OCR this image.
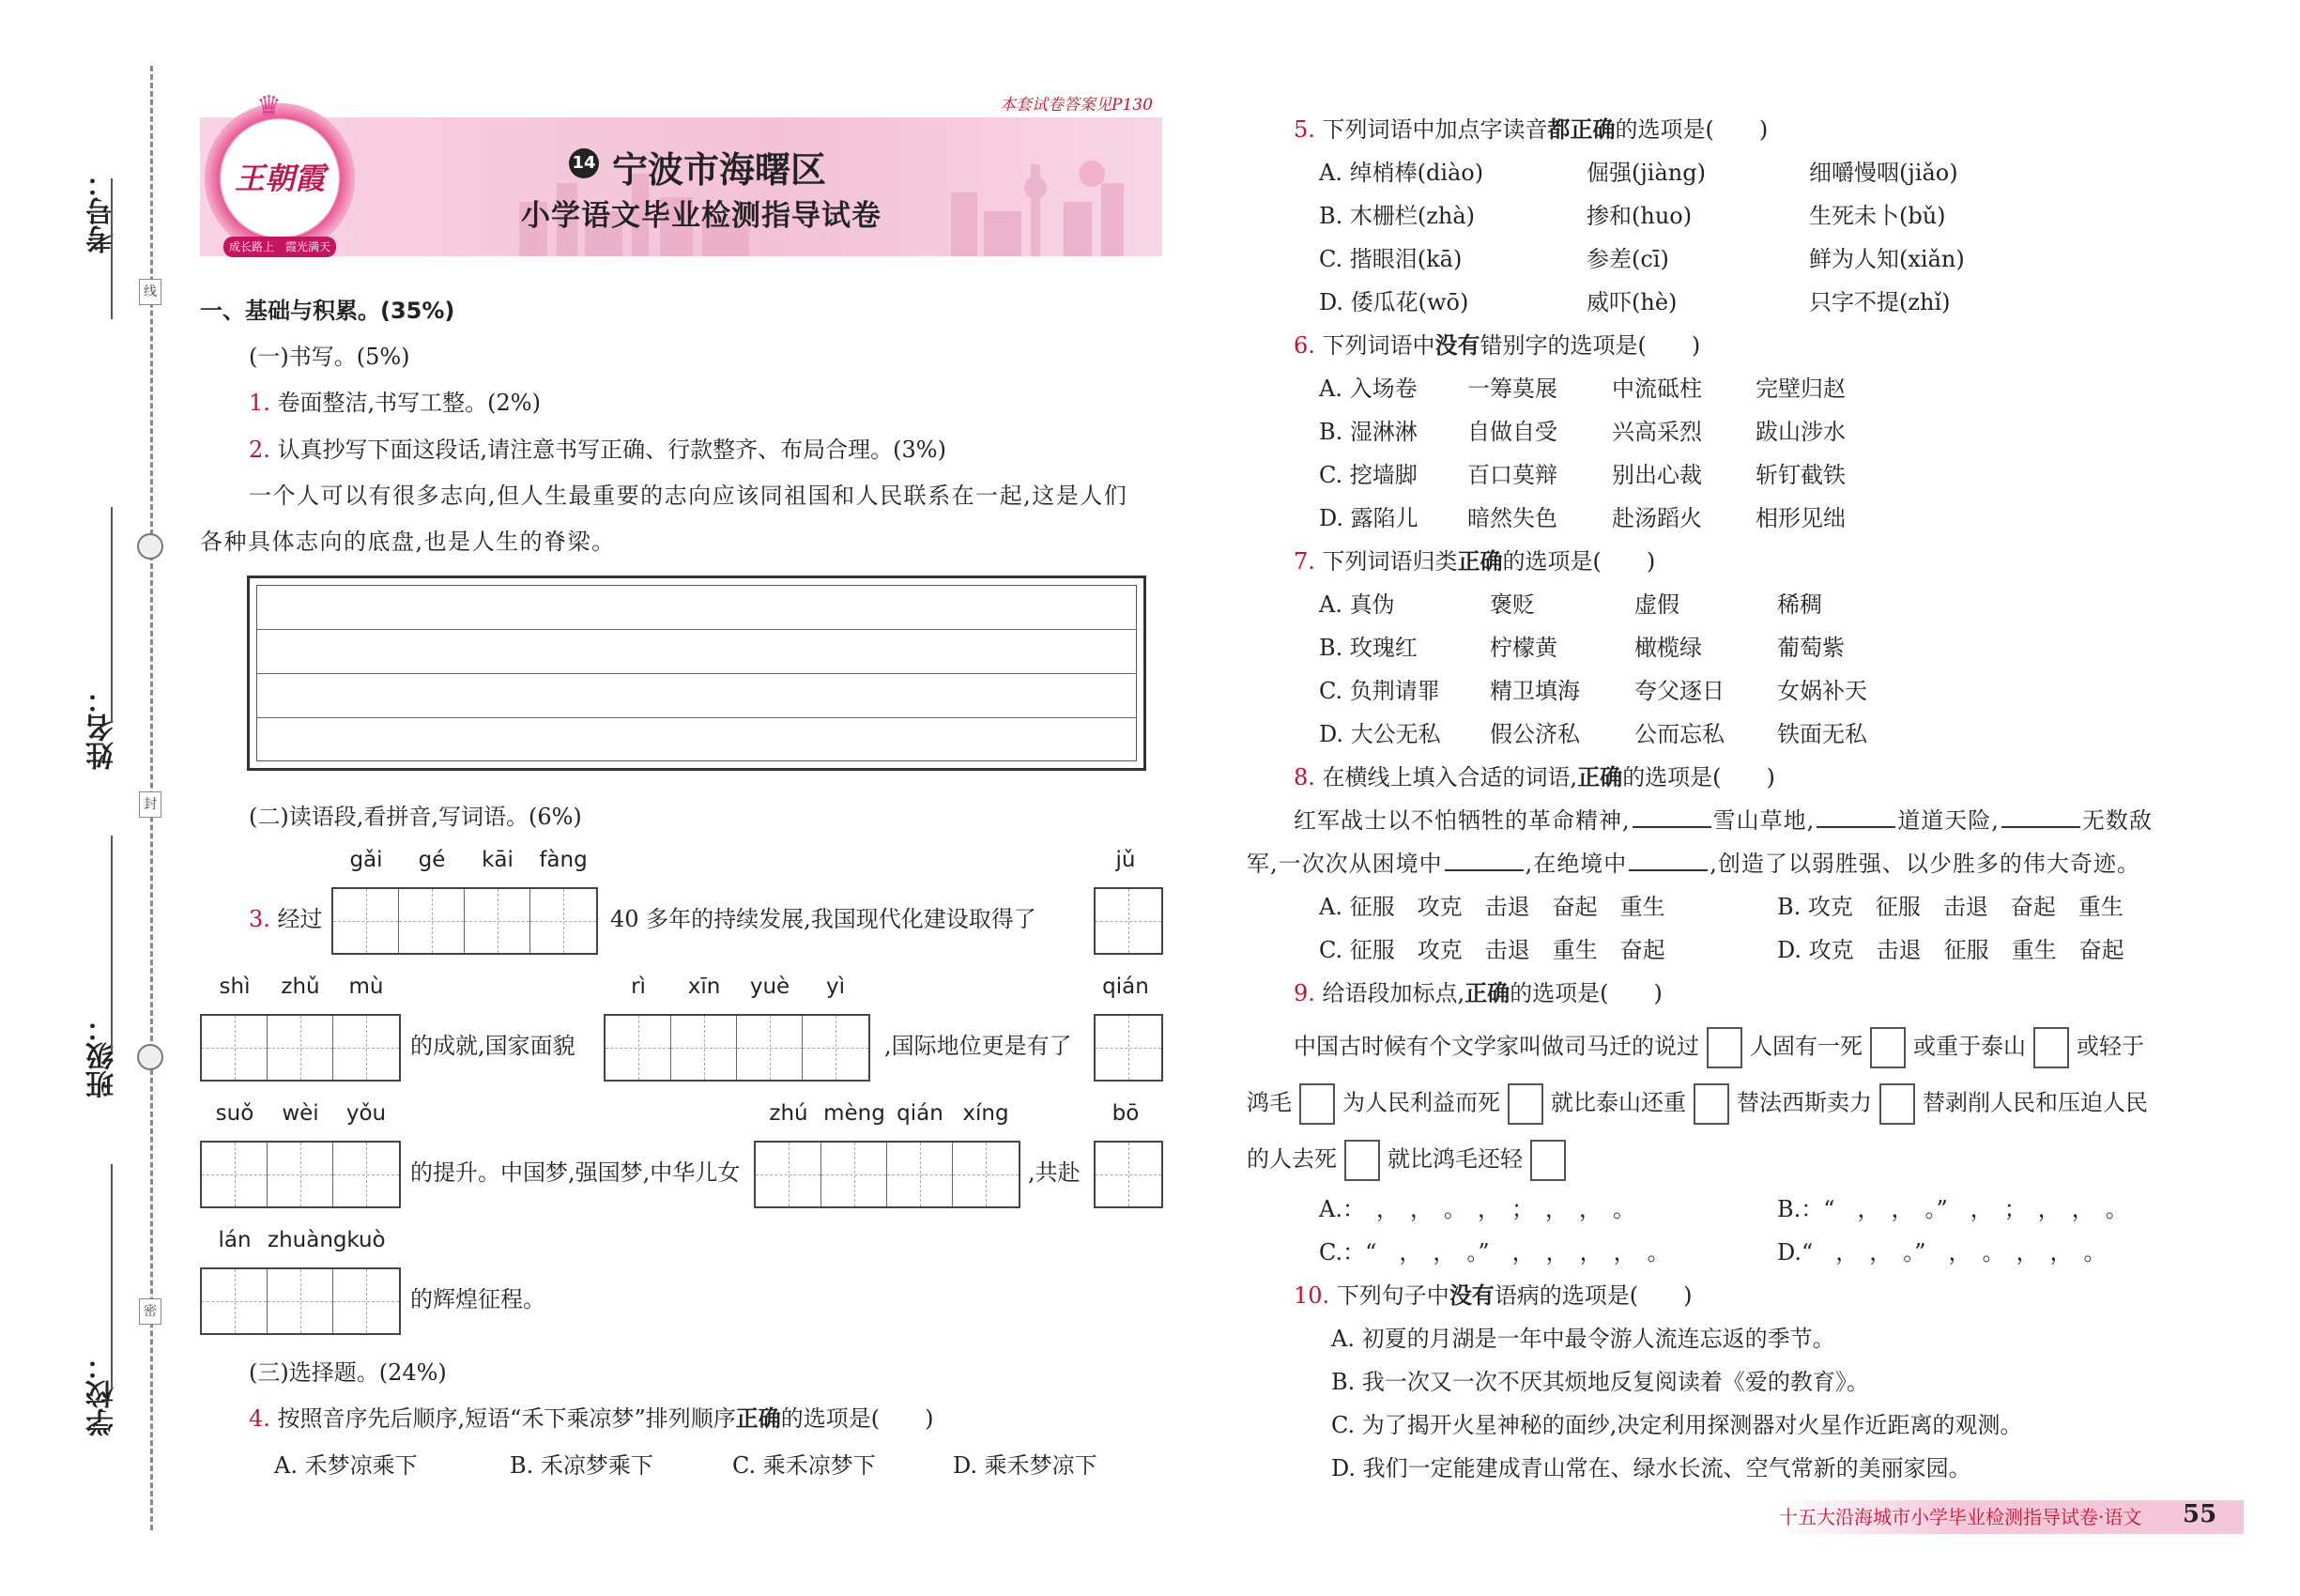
考号：
姓名：
班级：
学校：
线
封
密
本套试卷答案见P130
王朝霞
♛
成长路上　 霞光满天
14 宁波市海曙区
小学语文毕业检测指导试卷
一、基础与积累。(35%)
(一)书写。(5%)
1. 卷面整洁,书写工整。(2%)
2. 认真抄写下面这段话,请注意书写正确、行款整齐、布局合理。(3%)
一个人可以有很多志向,但人生最重要的志向应该同祖国和人民联系在一起,这是人们
各种具体志向的底盘,也是人生的脊梁。
(二)读语段,看拼音,写词语。(6%)
gǎi	gé	kāi	fàng	jǔ
3. 经过	40 多年的持续发展,我国现代化建设取得了
shì	zhǔ	mù
的成就,国家面貌
rì	xīn	yuè	yì
,国际地位更是有了
qián
suǒ	wèi	yǒu
的提升。中国梦,强国梦,中华儿女
zhú mèng qián xíng
,共赴
bō
lán zhuàng kuò
的辉煌征程。
(三)选择题。(24%)
4. 按照音序先后顺序,短语“禾下乘凉梦”排列顺序正确的选项是(　　)
A. 禾梦凉乘下	B. 禾凉梦乘下	C. 乘禾凉梦下	D. 乘禾梦凉下
5. 下列词语中加点字读音都正确的选项是(　　)
A. 绰梢棒(diào)	倔强(jiàng)	细嚼慢咽(jiǎo)
B. 木栅栏(zhà)	掺和(huo)	生死未卜(bǔ)
C. 揩眼泪(kā)	参差(cī)	鲜为人知(xiǎn)
D. 倭瓜花(wō)	威吓(hè)	只字不提(zhǐ)
6. 下列词语中没有错别字的选项是(　　)
A. 入场卷 一筹莫展 中流砥柱 完壁归赵
B. 湿淋淋 自做自受 兴高采烈 跋山涉水
C. 挖墙脚 百口莫辩 别出心裁 斩钉截铁
D. 露陷儿 暗然失色 赴汤蹈火 相形见绌
7. 下列词语归类正确的选项是(　　)
A. 真伪	褒贬	虚假	稀稠
B. 玫瑰红	柠檬黄	橄榄绿	葡萄紫
C. 负荆请罪 精卫填海 夸父逐日 女娲补天
D. 大公无私 假公济私 公而忘私 铁面无私
8. 在横线上填入合适的词语,正确的选项是(　　)
红军战士以不怕牺牲的革命精神,	雪山草地,	道道天险,	无数敌
军,一次次从困境中	,在绝境中	,创造了以弱胜强、以少胜多的伟大奇迹。
A. 征服　 攻克　 击退　 奋起　 重生	B. 攻克　 征服　 击退　 奋起　 重生
C. 征服　 攻克　 击退　 重生　 奋起	D. 攻克　 击退　 征服　 重生　 奋起
9. 给语段加标点,正确的选项是(　　)
中国古时候有个文学家叫做司马迁的说过 人固有一死 或重于泰山 或轻于
鸿毛 为人民利益而死 就比泰山还重 替法西斯卖力 替剥削人民和压迫人民
的人去死 就比鸿毛还轻
A.：　，　，　。　，　；　，　，　。	B.：“　，　，　。”　，　；　，　，　。
C.：“　，　，　。”　，　，　，　，　。	D.“　，　，　。”　，　。　，　，　。
10. 下列句子中没有语病的选项是(　　)
A. 初夏的月湖是一年中最令游人流连忘返的季节。
B. 我一次又一次不厌其烦地反复阅读着《爱的教育》。
C. 为了揭开火星神秘的面纱,决定利用探测器对火星作近距离的观测。
D. 我们一定能建成青山常在、绿水长流、空气常新的美丽家园。
十五大沿海城市小学毕业检测指导试卷·语文 55
